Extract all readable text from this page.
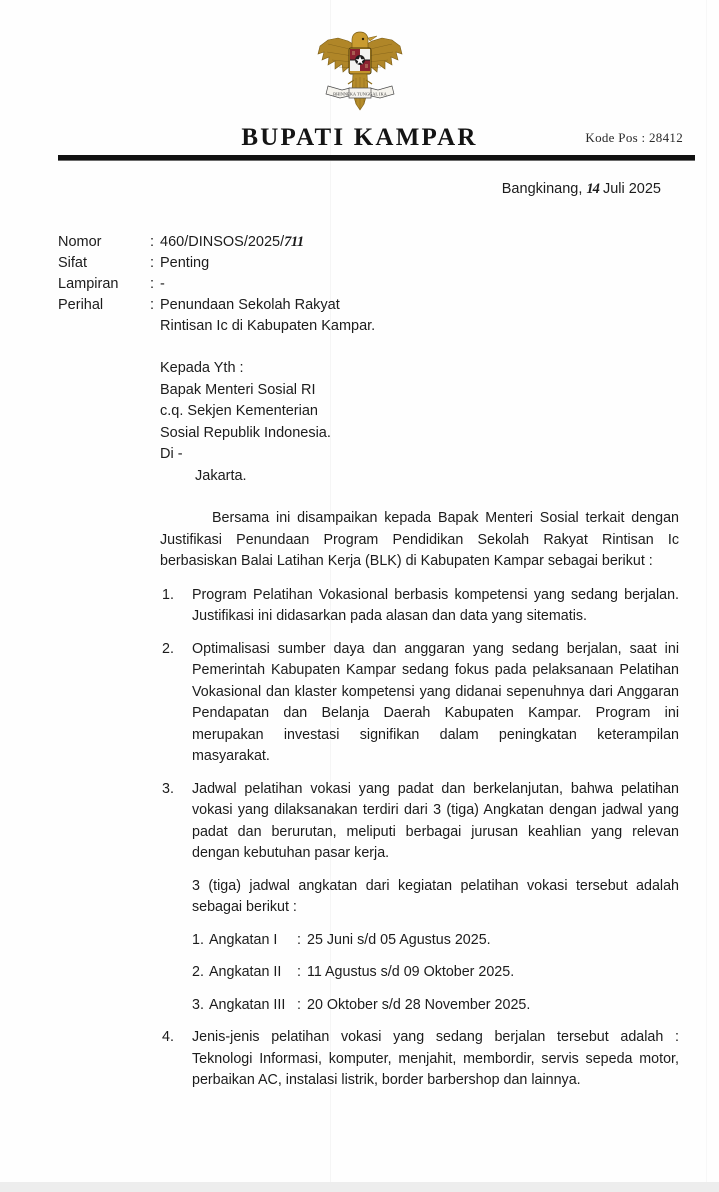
BHINNEKA TUNGGAL IKA
BUPATI KAMPAR	Kode Pos : 28412
Bangkinang, 14 Juli 2025
Nomor	: 460/DINSOS/2025/711
Sifat	: Penting
Lampiran	: -
Perihal	: Penundaan Sekolah Rakyat
Rintisan Ic di Kabupaten Kampar.
Kepada Yth :
Bapak Menteri Sosial RI
c.q. Sekjen Kementerian
Sosial Republik Indonesia.
Di -
Jakarta.

Bersama ini disampaikan kepada Bapak Menteri Sosial terkait dengan Justifikasi Penundaan Program Pendidikan Sekolah Rakyat Rintisan Ic berbasiskan Balai Latihan Kerja (BLK) di Kabupaten Kampar sebagai berikut :

1.	Program Pelatihan Vokasional berbasis kompetensi yang sedang berjalan. Justifikasi ini didasarkan pada alasan dan data yang sitematis.
2.	Optimalisasi sumber daya dan anggaran yang sedang berjalan, saat ini Pemerintah Kabupaten Kampar sedang fokus pada pelaksanaan Pelatihan Vokasional dan klaster kompetensi yang didanai sepenuhnya dari Anggaran Pendapatan dan Belanja Daerah Kabupaten Kampar. Program ini merupakan investasi signifikan dalam peningkatan keterampilan masyarakat.
3.	Jadwal pelatihan vokasi yang padat dan berkelanjutan, bahwa pelatihan vokasi yang dilaksanakan terdiri dari 3 (tiga) Angkatan dengan jadwal yang padat dan berurutan, meliputi berbagai jurusan keahlian yang relevan dengan kebutuhan pasar kerja.

3 (tiga) jadwal angkatan dari kegiatan pelatihan vokasi tersebut adalah sebagai berikut :

1. Angkatan I	: 25 Juni s/d 05 Agustus 2025.
2. Angkatan II	: 11 Agustus s/d 09 Oktober 2025.
3. Angkatan III : 20 Oktober s/d 28 November 2025.
4.	Jenis-jenis pelatihan vokasi yang sedang berjalan tersebut adalah : Teknologi Informasi, komputer, menjahit, membordir, servis sepeda motor, perbaikan AC, instalasi listrik, border barbershop dan lainnya.
